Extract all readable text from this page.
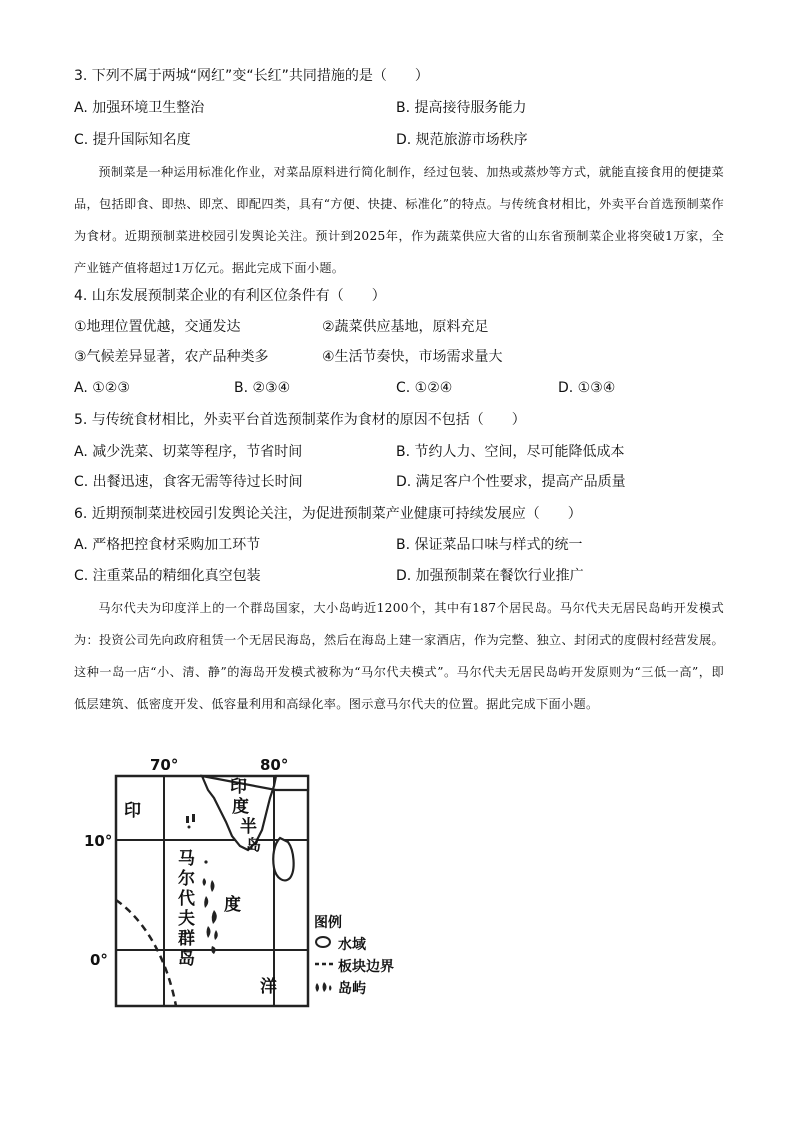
3. 下列不属于两城“网红”变“长红”共同措施的是（　　）
A. 加强环境卫生整治	B. 提高接待服务能力
C. 提升国际知名度	D. 规范旅游市场秩序

预制菜是一种运用标准化作业，对菜品原料进行简化制作，经过包装、加热或蒸炒等方式，就能直接食用的便捷菜品，包括即食、即热、即烹、即配四类，具有“方便、快捷、标准化”的特点。与传统食材相比，外卖平台首选预制菜作为食材。近期预制菜进校园引发舆论关注。预计到2025年，作为蔬菜供应大省的山东省预制菜企业将突破1万家，全产业链产值将超过1万亿元。据此完成下面小题。

4. 山东发展预制菜企业的有利区位条件有（　　）
①地理位置优越，交通发达	②蔬菜供应基地，原料充足
③气候差异显著，农产品种类多	④生活节奏快，市场需求量大
A. ①②③	B. ②③④	C. ①②④	D. ①③④
5. 与传统食材相比，外卖平台首选预制菜作为食材的原因不包括（　　）
A. 减少洗菜、切菜等程序，节省时间	B. 节约人力、空间，尽可能降低成本
C. 出餐迅速，食客无需等待过长时间	D. 满足客户个性要求，提高产品质量
6. 近期预制菜进校园引发舆论关注，为促进预制菜产业健康可持续发展应（　　）
A. 严格把控食材采购加工环节	B. 保证菜品口味与样式的统一
C. 注重菜品的精细化真空包装	D. 加强预制菜在餐饮行业推广

马尔代夫为印度洋上的一个群岛国家，大小岛屿近1200个，其中有187个居民岛。马尔代夫无居民岛屿开发模式为：投资公司先向政府租赁一个无居民海岛，然后在海岛上建一家酒店，作为完整、独立、封闭式的度假村经营发展。这种一岛一店“小、清、静”的海岛开发模式被称为“马尔代夫模式”。马尔代夫无居民岛屿开发原则为“三低一高”，即低层建筑、低密度开发、低容量利用和高绿化率。图示意马尔代夫的位置。据此完成下面小题。

70°	80°
10°
0°
印
度
洋
印
度
半
岛
马
尔
代
夫
群
岛
图例
水域
板块边界
岛屿
